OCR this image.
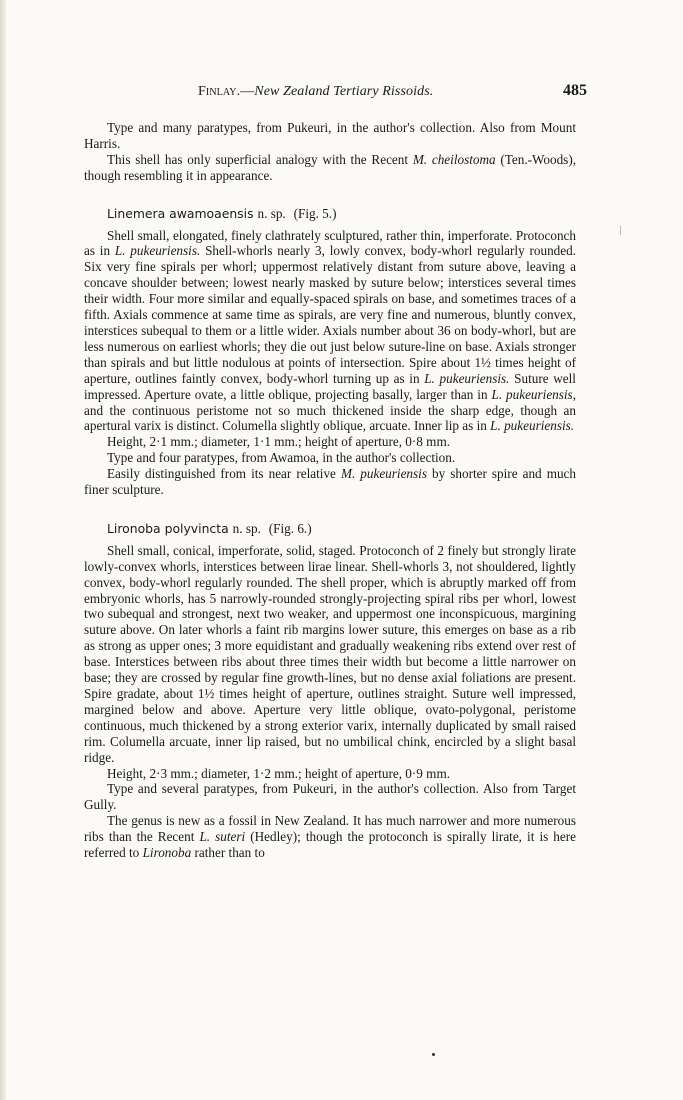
Finlay.—New Zealand Tertiary Rissoids.	485

Type and many paratypes, from Pukeuri, in the author's collection. Also from Mount Harris.

This shell has only superficial analogy with the Recent M. cheilostoma (Ten.-Woods), though resembling it in appearance.

Linemera awamoaensis n. sp. (Fig. 5.)

Shell small, elongated, finely clathrately sculptured, rather thin, imperforate. Protoconch as in L. pukeuriensis. Shell-whorls nearly 3, lowly convex, body-whorl regularly rounded. Six very fine spirals per whorl; uppermost relatively distant from suture above, leaving a concave shoulder between; lowest nearly masked by suture below; interstices several times their width. Four more similar and equally-spaced spirals on base, and sometimes traces of a fifth. Axials commence at same time as spirals, are very fine and numerous, bluntly convex, interstices subequal to them or a little wider. Axials number about 36 on body-whorl, but are less numerous on earliest whorls; they die out just below suture-line on base. Axials stronger than spirals and but little nodulous at points of intersection. Spire about 1½ times height of aperture, outlines faintly convex, body-whorl turning up as in L. pukeuriensis. Suture well impressed. Aperture ovate, a little oblique, projecting basally, larger than in L. pukeuriensis, and the continuous peristome not so much thickened inside the sharp edge, though an apertural varix is distinct. Columella slightly oblique, arcuate. Inner lip as in L. pukeuriensis.

Height, 2·1 mm.; diameter, 1·1 mm.; height of aperture, 0·8 mm.

Type and four paratypes, from Awamoa, in the author's collection.

Easily distinguished from its near relative M. pukeuriensis by shorter spire and much finer sculpture.

Lironoba polyvincta n. sp. (Fig. 6.)

Shell small, conical, imperforate, solid, staged. Protoconch of 2 finely but strongly lirate lowly-convex whorls, interstices between lirae linear. Shell-whorls 3, not shouldered, lightly convex, body-whorl regularly rounded. The shell proper, which is abruptly marked off from embryonic whorls, has 5 narrowly-rounded strongly-projecting spiral ribs per whorl, lowest two subequal and strongest, next two weaker, and uppermost one inconspicuous, margining suture above. On later whorls a faint rib margins lower suture, this emerges on base as a rib as strong as upper ones; 3 more equidistant and gradually weakening ribs extend over rest of base. Interstices between ribs about three times their width but become a little narrower on base; they are crossed by regular fine growth-lines, but no dense axial foliations are present. Spire gradate, about 1½ times height of aperture, outlines straight. Suture well impressed, margined below and above. Aperture very little oblique, ovato-polygonal, peristome continuous, much thickened by a strong exterior varix, internally duplicated by small raised rim. Columella arcuate, inner lip raised, but no umbilical chink, encircled by a slight basal ridge.

Height, 2·3 mm.; diameter, 1·2 mm.; height of aperture, 0·9 mm.

Type and several paratypes, from Pukeuri, in the author's collection. Also from Target Gully.

The genus is new as a fossil in New Zealand. It has much narrower and more numerous ribs than the Recent L. suteri (Hedley); though the protoconch is spirally lirate, it is here referred to Lironoba rather than to
